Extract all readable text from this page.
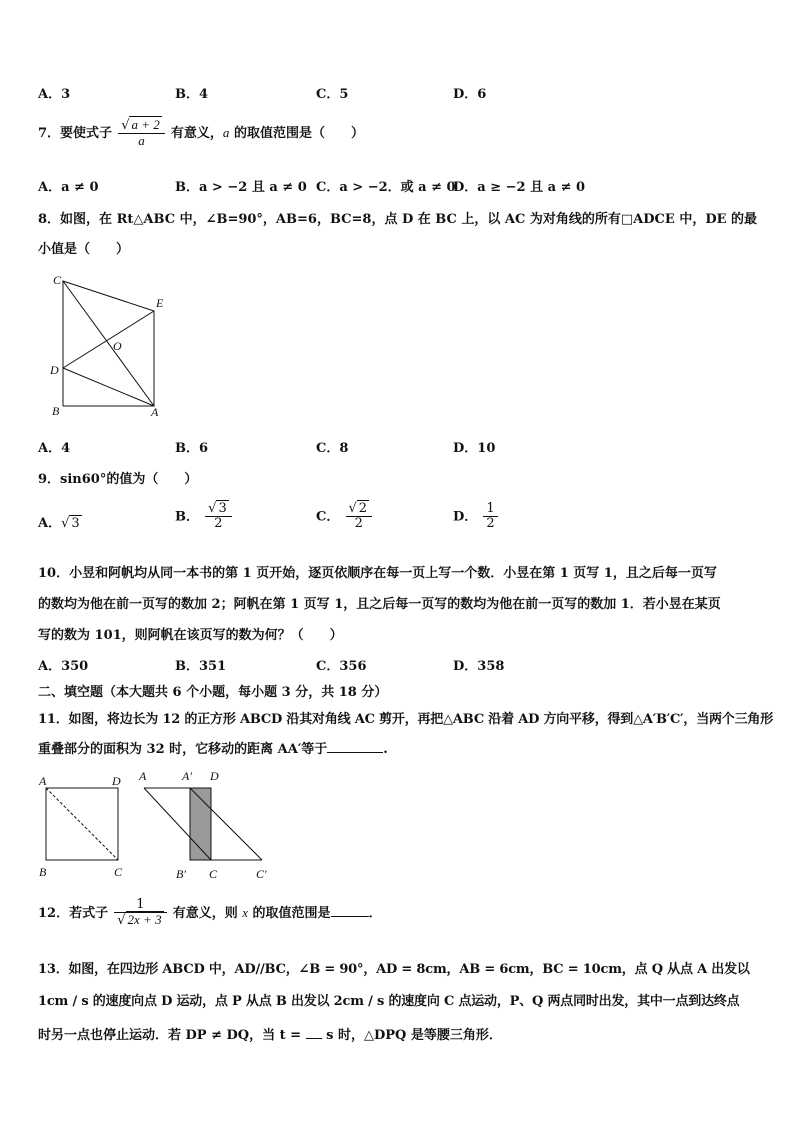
A．3	B．4	C．5	D．6
7．要使式子 $\frac{√ a + 2}{a}$ 有意义，a 的取值范围是（　　）
A．a ≠ 0	B．a > −2 且 a ≠ 0 C．a > −2．或 a ≠ 0
D．a ≥ −2 且 a ≠ 0
8．如图，在 Rt△ABC 中，∠B=90°，AB=6，BC=8，点 D 在 BC 上，以 AC 为对角线的所有□ADCE 中，DE 的最
小值是（　　）
C
E
O
D
B	A
A．4	B．6	C．8	D．10
9．sin60°的值为（　　）
A．√ 3	B． $\frac{√ 3}{2}$	C． $\frac{√ 2}{2}$	D． $\frac{1}{2}$
10．小昱和阿帆均从同一本书的第 1 页开始，逐页依顺序在每一页上写一个数．小昱在第 1 页写 1，且之后每一页写
的数均为他在前一页写的数加 2；阿帆在第 1 页写 1，且之后每一页写的数均为他在前一页写的数加 1．若小昱在某页
写的数为 101，则阿帆在该页写的数为何？（　　）
A．350	B．351	C．356	D．358
二、填空题（本大题共 6 个小题，每小题 3 分，共 18 分）
11．如图，将边长为 12 的正方形 ABCD 沿其对角线 AC 剪开，再把△ABC 沿着 AD 方向平移，得到△A′B′C′，当两个三角形
重叠部分的面积为 32 时，它移动的距离 AA′等于	.
A	D
B	C
A	A′ D
B′ C	C′
12．若式子 $\frac{1}{√ 2x + 3}$ 有意义，则 x 的取值范围是	．
13．如图，在四边形 ABCD 中，AD//BC，∠B = 90°，AD = 8cm，AB = 6cm，BC = 10cm，点 Q 从点 A 出发以
1cm / s 的速度向点 D 运动，点 P 从点 B 出发以 2cm / s 的速度向 C 点运动，P、Q 两点同时出发，其中一点到达终点
时另一点也停止运动．若 DP ≠ DQ，当 t =  s 时，△DPQ 是等腰三角形．
